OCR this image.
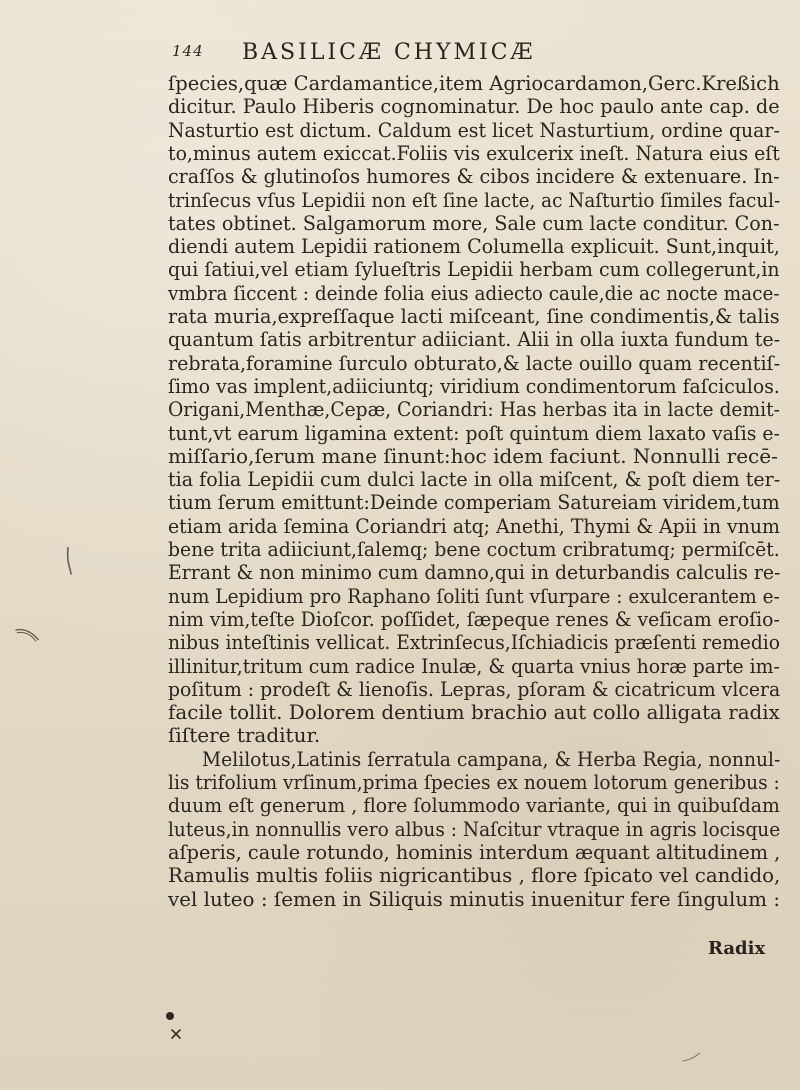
144 BASILICÆ CHYMICÆ
ſpecies,quæ Cardamantice,item Agriocardamon,Gerc.Kreßich
dicitur. Paulo Hiberis cognominatur. De hoc paulo ante cap. de
Nasturtio est dictum. Caldum est licet Nasturtium, ordine quar-
to,minus autem exiccat.Foliis vis exulcerix ineſt. Natura eius eſt
craſſos & glutinoſos humores & cibos incidere & extenuare. In-
trinſecus vſus Lepidii non eſt ſine lacte, ac Naſturtio ſimiles facul-
tates obtinet. Salgamorum more, Sale cum lacte conditur. Con-
diendi autem Lepidii rationem Columella explicuit. Sunt,inquit,
qui ſatiui,vel etiam ſylueſtris Lepidii herbam cum collegerunt,in
vmbra ſiccent : deinde folia eius adiecto caule,die ac nocte mace-
rata muria,expreſſaque lacti miſceant, ſine condimentis,& talis
quantum ſatis arbitrentur adiiciant. Alii in olla iuxta fundum te-
rebrata,foramine ſurculo obturato,& lacte ouillo quam recentiſ-
ſimo vas implent,adiiciuntq; viridium condimentorum faſciculos.
Origani,Menthæ,Cepæ, Coriandri: Has herbas ita in lacte demit-
tunt,vt earum ligamina extent: poſt quintum diem laxato vaſis e-
miſſario,ſerum mane ſinunt:hoc idem faciunt. Nonnulli recē-
tia folia Lepidii cum dulci lacte in olla miſcent, & poſt diem ter-
tium ſerum emittunt:Deinde comperiam Satureiam viridem,tum
etiam arida ſemina Coriandri atq; Anethi, Thymi & Apii in vnum
bene trita adiiciunt,ſalemq; bene coctum cribratumq; permiſcēt.
Errant & non minimo cum damno,qui in deturbandis calculis re-
num Lepidium pro Raphano ſoliti ſunt vſurpare : exulcerantem e-
nim vim,teſte Dioſcor. poſſidet, ſæpeque renes & veſicam eroſio-
nibus inteſtinis vellicat. Extrinſecus,Iſchiadicis præſenti remedio
illinitur,tritum cum radice Inulæ, & quarta vnius horæ parte im-
poſitum : prodeſt & lienoſis. Lepras, pſoram & cicatricum vlcera
facile tollit. Dolorem dentium brachio aut collo alligata radix
ſiſtere traditur.
Melilotus,Latinis ſerratula campana, & Herba Regia, nonnul-
lis trifolium vrſinum,prima ſpecies ex nouem lotorum generibus :
duum eſt generum , flore ſolummodo variante, qui in quibuſdam
luteus,in nonnullis vero albus : Naſcitur vtraque in agris locisque
aſperis, caule rotundo, hominis interdum æquant altitudinem ,
Ramulis multis foliis nigricantibus , flore ſpicato vel candido,
vel luteo : ſemen in Siliquis minutis inuenitur fere ſingulum :
Radix
